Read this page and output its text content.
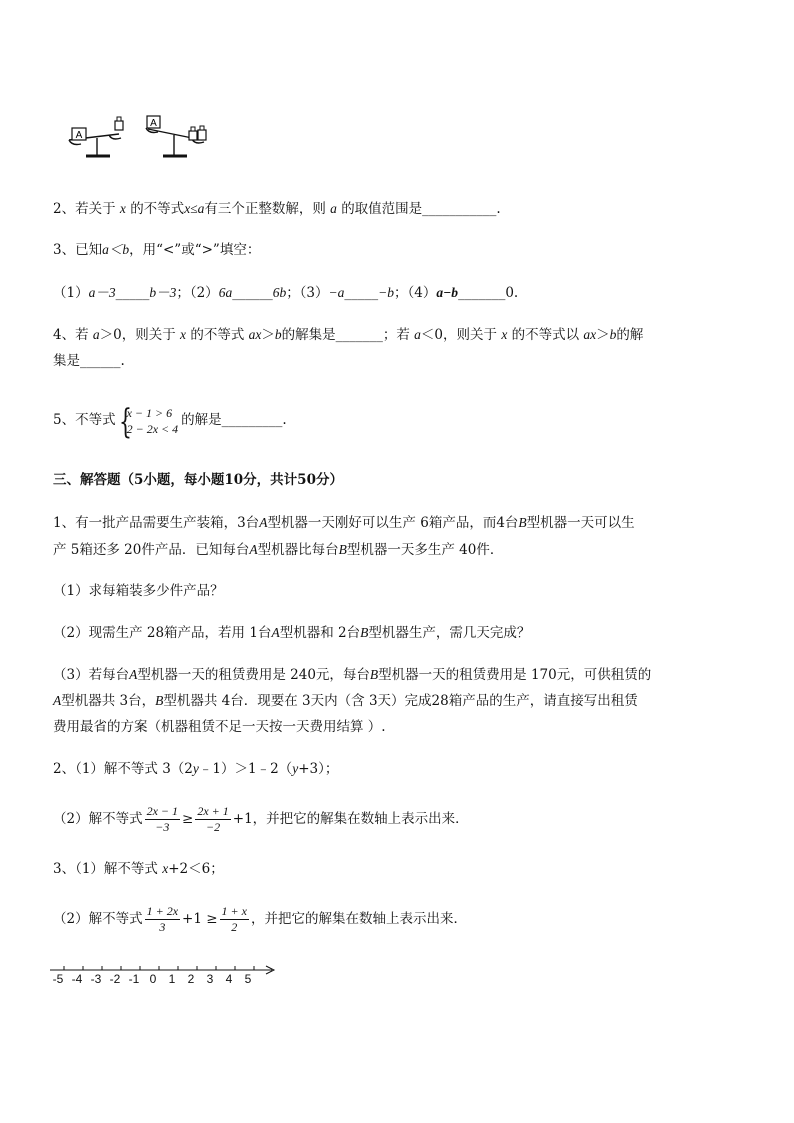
A
A
2、若关于 x 的不等式x≤a有三个正整数解，则 a 的取值范围是___________.
3、已知a＜b，用“<”或“>”填空：
（1）a－3_____b－3；（2）6a______6b；（3）−a_____−b；（4）a−b_______0.
4、若 a＞0，则关于 x 的不等式 ax＞b的解集是_______；若 a＜0，则关于 x 的不等式以 ax＞b的解
集是______.
5、不等式 {
x − 1 > 6
2 − 2x < 4
的解是_________.
三、解答题（5小题，每小题10分，共计50分）
1、有一批产品需要生产装箱，3台A型机器一天刚好可以生产 6箱产品，而4台B型机器一天可以生
产 5箱还多 20件产品．已知每台A型机器比每台B型机器一天多生产 40件．
（1）求每箱装多少件产品？
（2）现需生产 28箱产品，若用 1台A型机器和 2台B型机器生产，需几天完成？
（3）若每台A型机器一天的租赁费用是 240元，每台B型机器一天的租赁费用是 170元，可供租赁的
A型机器共 3台，B型机器共 4台．现要在 3天内（含 3天）完成28箱产品的生产，请直接写出租赁
费用最省的方案（机器租赁不足一天按一天费用结算 ）.
2、（1）解不等式 3（2y﹣1）＞1﹣2（y+3）；
（2）解不等式 $\frac{2x - 1}{-3} \ge \frac{2x + 1}{-2} +1$，并把它的解集在数轴上表示出来．
3、（1）解不等式 x+2＜6；
（2）解不等式 $\frac{1 + 2x}{3} +1 \ge \frac{1 + x}{2}$ ，并把它的解集在数轴上表示出来．
-5 -4 -3 -2 -1 0 1 2 3 4 5
